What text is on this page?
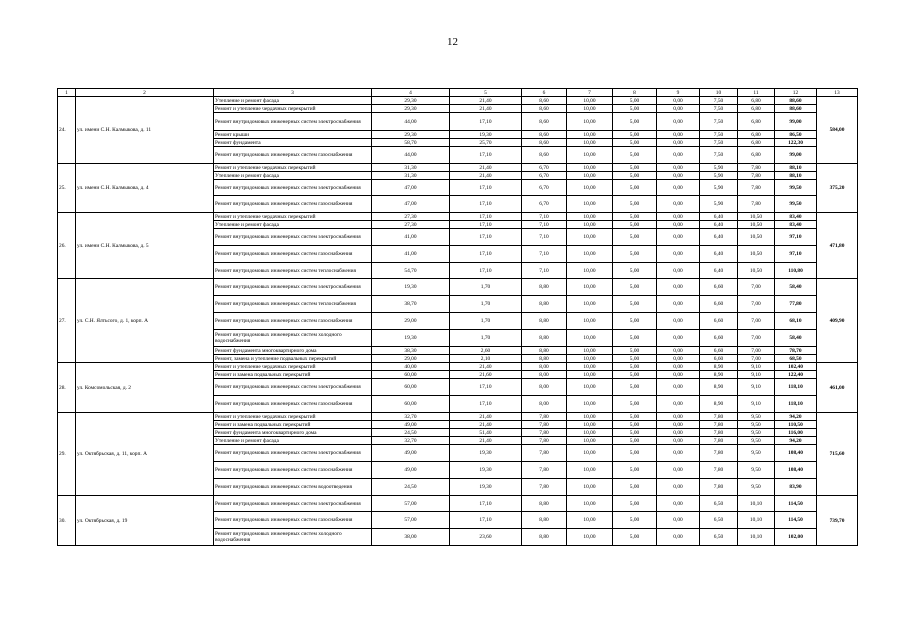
12
1	2	3	4	5	6	7	8	9	10	11	12	13
24.	ул. имени С.Н. Калмыкова, д. 11	Утепление и ремонт фасада	29,30	21,40	8,60	10,00	5,00	0,00	7,50	6,80	88,60	584,00
		Ремонт и утепление чердачных перекрытий	29,30	21,40	8,60	10,00	5,00	0,00	7,50	6,80	88,60	
		Ремонт внутридомовых инженерных систем электроснабжения	44,00	17,10	8,60	10,00	5,00	0,00	7,50	6,80	99,00	
		Ремонт крыши	29,30	19,30	8,60	10,00	5,00	0,00	7,50	6,80	86,50	
		Ремонт фундамента	58,70	25,70	8,60	10,00	5,00	0,00	7,50	6,80	122,30	
		Ремонт внутридомовых инженерных систем газоснабжения	44,00	17,10	8,60	10,00	5,00	0,00	7,50	6,80	99,00	
25.	ул. имени С.Н. Калмыкова, д. 4	Ремонт и утепление чердачных перекрытий	31,30	21,40	6,70	10,00	5,00	0,00	5,90	7,80	88,10	375,20
		Утепление и ремонт фасада	31,30	21,40	6,70	10,00	5,00	0,00	5,90	7,80	88,10	
		Ремонт внутридомовых инженерных систем электроснабжения	47,00	17,10	6,70	10,00	5,00	0,00	5,90	7,80	99,50	
		Ремонт внутридомовых инженерных систем газоснабжения	47,00	17,10	6,70	10,00	5,00	0,00	5,90	7,80	99,50	
26.	ул. имени С.Н. Калмыкова, д. 5	Ремонт и утепление чердачных перекрытий	27,30	17,10	7,10	10,00	5,00	0,00	6,40	10,50	83,40	471,80
		Утепление и ремонт фасада	27,30	17,10	7,10	10,00	5,00	0,00	6,40	10,50	83,40	
		Ремонт внутридомовых инженерных систем электроснабжения	41,00	17,10	7,10	10,00	5,00	0,00	6,40	10,50	97,10	
		Ремонт внутридомовых инженерных систем газоснабжения	41,00	17,10	7,10	10,00	5,00	0,00	6,40	10,50	97,10	
		Ремонт внутридомовых инженерных систем теплоснабжения	54,70	17,10	7,10	10,00	5,00	0,00	6,40	10,50	110,80	
27.	ул. С.Н. Ялтьсого, д. 1, корп. А	Ремонт внутридомовых инженерных систем электроснабжения	19,30	1,70	8,80	10,00	5,00	0,00	6,60	7,00	58,40	409,90
		Ремонт внутридомовых инженерных систем теплоснабжения	38,70	1,70	8,80	10,00	5,00	0,00	6,60	7,00	77,80	
		Ремонт внутридомовых инженерных систем газоснабжения	29,00	1,70	8,80	10,00	5,00	0,00	6,60	7,00	68,10	
		Ремонт внутридомовых инженерных систем холодного водоснабжения	19,30	1,70	8,80	10,00	5,00	0,00	6,60	7,00	58,40	
		Ремонт фундамента многоквартирного дома	38,30	2,60	8,80	10,00	5,00	0,00	6,60	7,00	78,70	
		Ремонт, замена и утепление подвальных перекрытий	29,00	2,10	8,80	10,00	5,00	0,00	6,60	7,00	68,50	
28.	ул. Комсомольская, д. 2	Ремонт и утепление чердачных перекрытий	40,00	21,40	8,00	10,00	5,00	0,00	8,90	9,10	102,40	461,00
		Ремонт и замена подвальных перекрытий	60,00	21,60	8,00	10,00	5,00	0,00	8,90	9,10	122,40	
		Ремонт внутридомовых инженерных систем электроснабжения	60,00	17,10	8,00	10,00	5,00	0,00	8,90	9,10	118,10	
		Ремонт внутридомовых инженерных систем газоснабжения	60,00	17,10	8,00	10,00	5,00	0,00	8,90	9,10	118,10	
29.	ул. Октябрьская, д. 11, корп. А	Ремонт и утепление чердачных перекрытий	32,70	21,40	7,80	10,00	5,00	0,00	7,80	9,50	94,20	715,60
		Ремонт и замена подвальных перекрытий	49,00	21,40	7,80	10,00	5,00	0,00	7,80	9,50	110,50	
		Ремонт фундамента многоквартирного дома	24,50	51,40	7,80	10,00	5,00	0,00	7,80	9,50	116,00	
		Утепление и ремонт фасада	32,70	21,40	7,80	10,00	5,00	0,00	7,80	9,50	94,20	
		Ремонт внутридомовых инженерных систем электроснабжения	49,00	19,30	7,80	10,00	5,00	0,00	7,80	9,50	108,40	
		Ремонт внутридомовых инженерных систем газоснабжения	49,00	19,30	7,80	10,00	5,00	0,00	7,80	9,50	108,40	
		Ремонт внутридомовых инженерных систем водоотведения	24,50	19,30	7,80	10,00	5,00	0,00	7,80	9,50	83,90	
30.	ул. Октябрьская, д. 19	Ремонт внутридомовых инженерных систем электроснабжения	57,00	17,10	8,80	10,00	5,00	0,00	6,50	10,10	114,50	739,70
		Ремонт внутридомовых инженерных систем газоснабжения	57,00	17,10	8,80	10,00	5,00	0,00	6,50	10,10	114,50	
		Ремонт внутридомовых инженерных систем холодного водоснабжения	38,00	23,60	8,80	10,00	5,00	0,00	6,50	10,10	102,00	
